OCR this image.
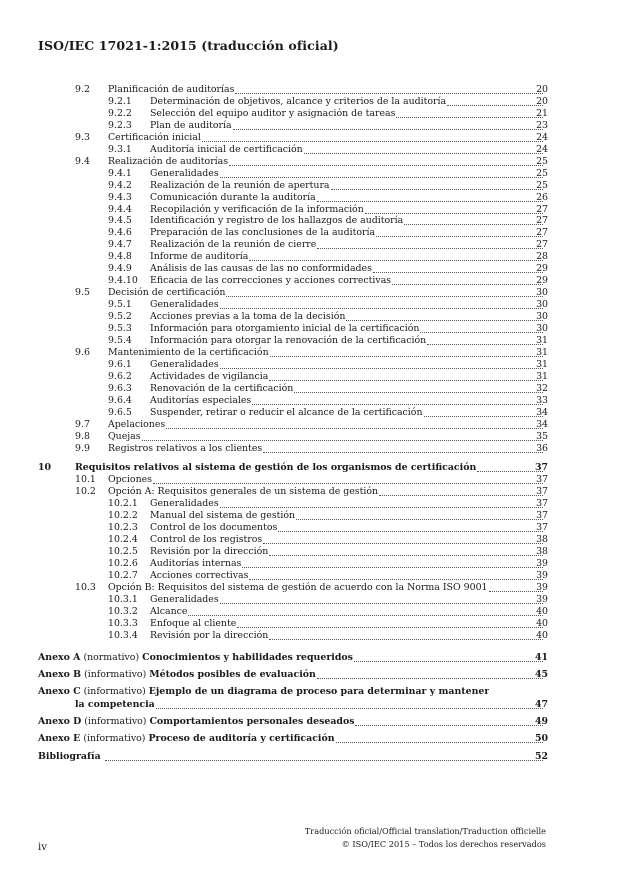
ISO/IEC 17021-1:2015 (traducción oficial)
9.2 Planificación de auditorías	20
9.2.1 Determinación de objetivos, alcance y criterios de la auditoría	20
9.2.2 Selección del equipo auditor y asignación de tareas	21
9.2.3 Plan de auditoría	23
9.3 Certificación inicial	24
9.3.1 Auditoría inicial de certificación	24
9.4 Realización de auditorías	25
9.4.1 Generalidades	25
9.4.2 Realización de la reunión de apertura	25
9.4.3 Comunicación durante la auditoría	26
9.4.4 Recopilación y verificación de la información	27
9.4.5 Identificación y registro de los hallazgos de auditoría	27
9.4.6 Preparación de las conclusiones de la auditoría	27
9.4.7 Realización de la reunión de cierre	27
9.4.8 Informe de auditoría	28
9.4.9 Análisis de las causas de las no conformidades	29
9.4.10 Eficacia de las correcciones y acciones correctivas	29
9.5 Decisión de certificación	30
9.5.1 Generalidades	30
9.5.2 Acciones previas a la toma de la decisión	30
9.5.3 Información para otorgamiento inicial de la certificación	30
9.5.4 Información para otorgar la renovación de la certificación	31
9.6 Mantenimiento de la certificación	31
9.6.1 Generalidades	31
9.6.2 Actividades de vigilancia	31
9.6.3 Renovación de la certificación	32
9.6.4 Auditorías especiales	33
9.6.5 Suspender, retirar o reducir el alcance de la certificación	34
9.7 Apelaciones	34
9.8 Quejas	35
9.9 Registros relativos a los clientes	36
10	Requisitos relativos al sistema de gestión de los organismos de certificación	37
10.1 Opciones	37
10.2 Opción A: Requisitos generales de un sistema de gestión	37
10.2.1 Generalidades	37
10.2.2 Manual del sistema de gestión	37
10.2.3 Control de los documentos	37
10.2.4 Control de los registros	38
10.2.5 Revisión por la dirección	38
10.2.6 Auditorías internas	39
10.2.7 Acciones correctivas	39
10.3 Opción B: Requisitos del sistema de gestión de acuerdo con la Norma ISO 9001	39
10.3.1 Generalidades	39
10.3.2 Alcance	40
10.3.3 Enfoque al cliente	40
10.3.4 Revisión por la dirección	40
Anexo A (normativo) Conocimientos y habilidades requeridos	41
Anexo B (informativo) Métodos posibles de evaluación	45
Anexo C (informativo) Ejemplo de un diagrama de proceso para determinar y mantener
la competencia	47
Anexo D (informativo) Comportamientos personales deseados	49
Anexo E (informativo) Proceso de auditoría y certificación	50
Bibliografía	52
Traducción oficial/Official translation/Traduction officielle
© ISO/IEC 2015 – Todos los derechos reservados
iv
